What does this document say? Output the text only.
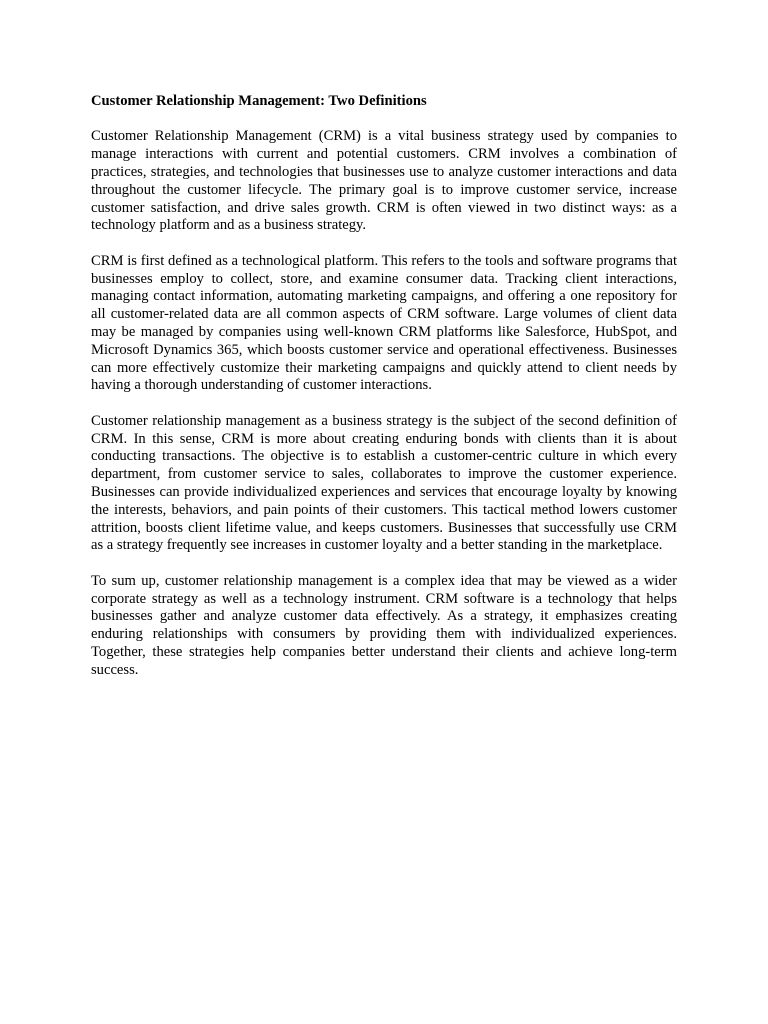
Customer Relationship Management: Two Definitions

Customer Relationship Management (CRM) is a vital business strategy used by companies to manage interactions with current and potential customers. CRM involves a combination of practices, strategies, and technologies that businesses use to analyze customer interactions and data throughout the customer lifecycle. The primary goal is to improve customer service, increase customer satisfaction, and drive sales growth. CRM is often viewed in two distinct ways: as a technology platform and as a business strategy.

CRM is first defined as a technological platform. This refers to the tools and software programs that businesses employ to collect, store, and examine consumer data. Tracking client interactions, managing contact information, automating marketing campaigns, and offering a one repository for all customer-related data are all common aspects of CRM software. Large volumes of client data may be managed by companies using well-known CRM platforms like Salesforce, HubSpot, and Microsoft Dynamics 365, which boosts customer service and operational effectiveness. Businesses can more effectively customize their marketing campaigns and quickly attend to client needs by having a thorough understanding of customer interactions.

Customer relationship management as a business strategy is the subject of the second definition of CRM. In this sense, CRM is more about creating enduring bonds with clients than it is about conducting transactions. The objective is to establish a customer-centric culture in which every department, from customer service to sales, collaborates to improve the customer experience. Businesses can provide individualized experiences and services that encourage loyalty by knowing the interests, behaviors, and pain points of their customers. This tactical method lowers customer attrition, boosts client lifetime value, and keeps customers. Businesses that successfully use CRM as a strategy frequently see increases in customer loyalty and a better standing in the marketplace.

To sum up, customer relationship management is a complex idea that may be viewed as a wider corporate strategy as well as a technology instrument. CRM software is a technology that helps businesses gather and analyze customer data effectively. As a strategy, it emphasizes creating enduring relationships with consumers by providing them with individualized experiences. Together, these strategies help companies better understand their clients and achieve long-term success.
